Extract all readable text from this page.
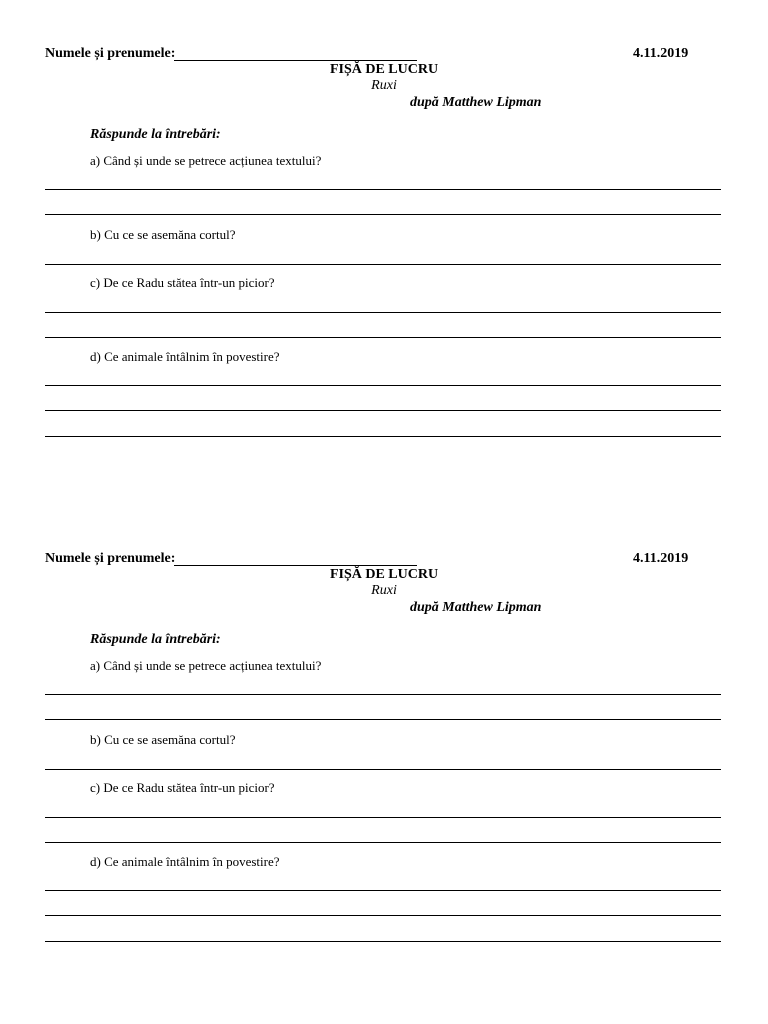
Numele și prenumele:	4.11.2019
FIȘĂ DE LUCRU
Ruxi
după Matthew Lipman
Răspunde la întrebări:
a) Când și unde se petrece acțiunea textului?
b) Cu ce se asemăna cortul?
c) De ce Radu stătea într-un picior?
d) Ce animale întâlnim în povestire?
Numele și prenumele:	4.11.2019
FIȘĂ DE LUCRU
Ruxi
după Matthew Lipman
Răspunde la întrebări:
a) Când și unde se petrece acțiunea textului?
b) Cu ce se asemăna cortul?
c) De ce Radu stătea într-un picior?
d) Ce animale întâlnim în povestire?
